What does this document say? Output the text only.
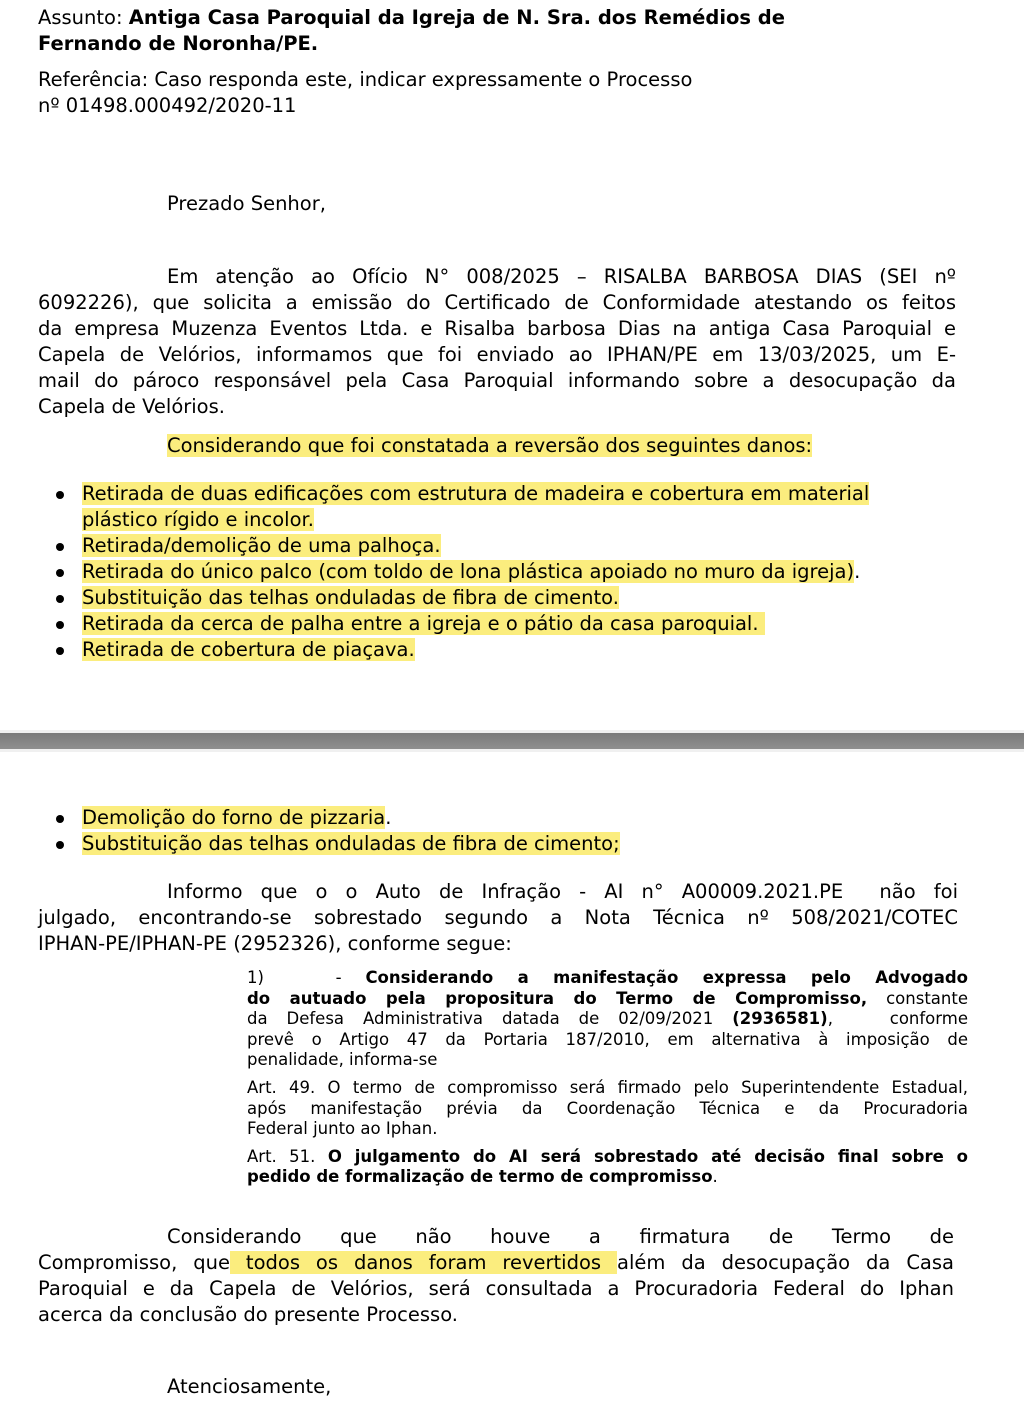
Assunto: Antiga Casa Paroquial da Igreja de N. Sra. dos Remédios de
Fernando de Noronha/PE.
Referência: Caso responda este, indicar expressamente o Processo
nº 01498.000492/2020-11
Prezado Senhor,
Em atenção ao Ofício N° 008/2025 – RISALBA BARBOSA DIAS (SEI nº
6092226), que solicita a emissão do Certificado de Conformidade atestando os feitos
da empresa Muzenza Eventos Ltda. e Risalba barbosa Dias na antiga Casa Paroquial e
Capela de Velórios, informamos que foi enviado ao IPHAN/PE em 13/03/2025, um E-
mail do pároco responsável pela Casa Paroquial informando sobre a desocupação da
Capela de Velórios.
Considerando que foi constatada a reversão dos seguintes danos:
Retirada de duas edificações com estrutura de madeira e cobertura em material
plástico rígido e incolor.
Retirada/demolição de uma palhoça.
Retirada do único palco (com toldo de lona plástica apoiado no muro da igreja).
Substituição das telhas onduladas de fibra de cimento.
Retirada da cerca de palha entre a igreja e o pátio da casa paroquial.
Retirada de cobertura de piaçava.
Demolição do forno de pizzaria.
Substituição das telhas onduladas de fibra de cimento;
Informo que o o Auto de Infração - AI n° A00009.2021.PE  não foi
julgado, encontrando-se sobrestado segundo a Nota Técnica nº 508/2021/COTEC
IPHAN-PE/IPHAN-PE (2952326), conforme segue:
1)	- Considerando a manifestação expressa pelo Advogado
do autuado pela propositura do Termo de Compromisso, constante
da Defesa Administrativa datada de 02/09/2021 (2936581),   conforme
prevê o Artigo 47 da Portaria 187/2010, em alternativa à imposição de
penalidade, informa-se
Art. 49. O termo de compromisso será firmado pelo Superintendente Estadual,
após manifestação prévia da Coordenação Técnica e da Procuradoria
Federal junto ao Iphan.
Art. 51. O julgamento do AI será sobrestado até decisão final sobre o
pedido de formalização de termo de compromisso.
Considerando que não houve a firmatura de Termo de
Compromisso, que todos os danos foram revertidos além da desocupação da Casa
Paroquial e da Capela de Velórios, será consultada a Procuradoria Federal do Iphan
acerca da conclusão do presente Processo.
Atenciosamente,
